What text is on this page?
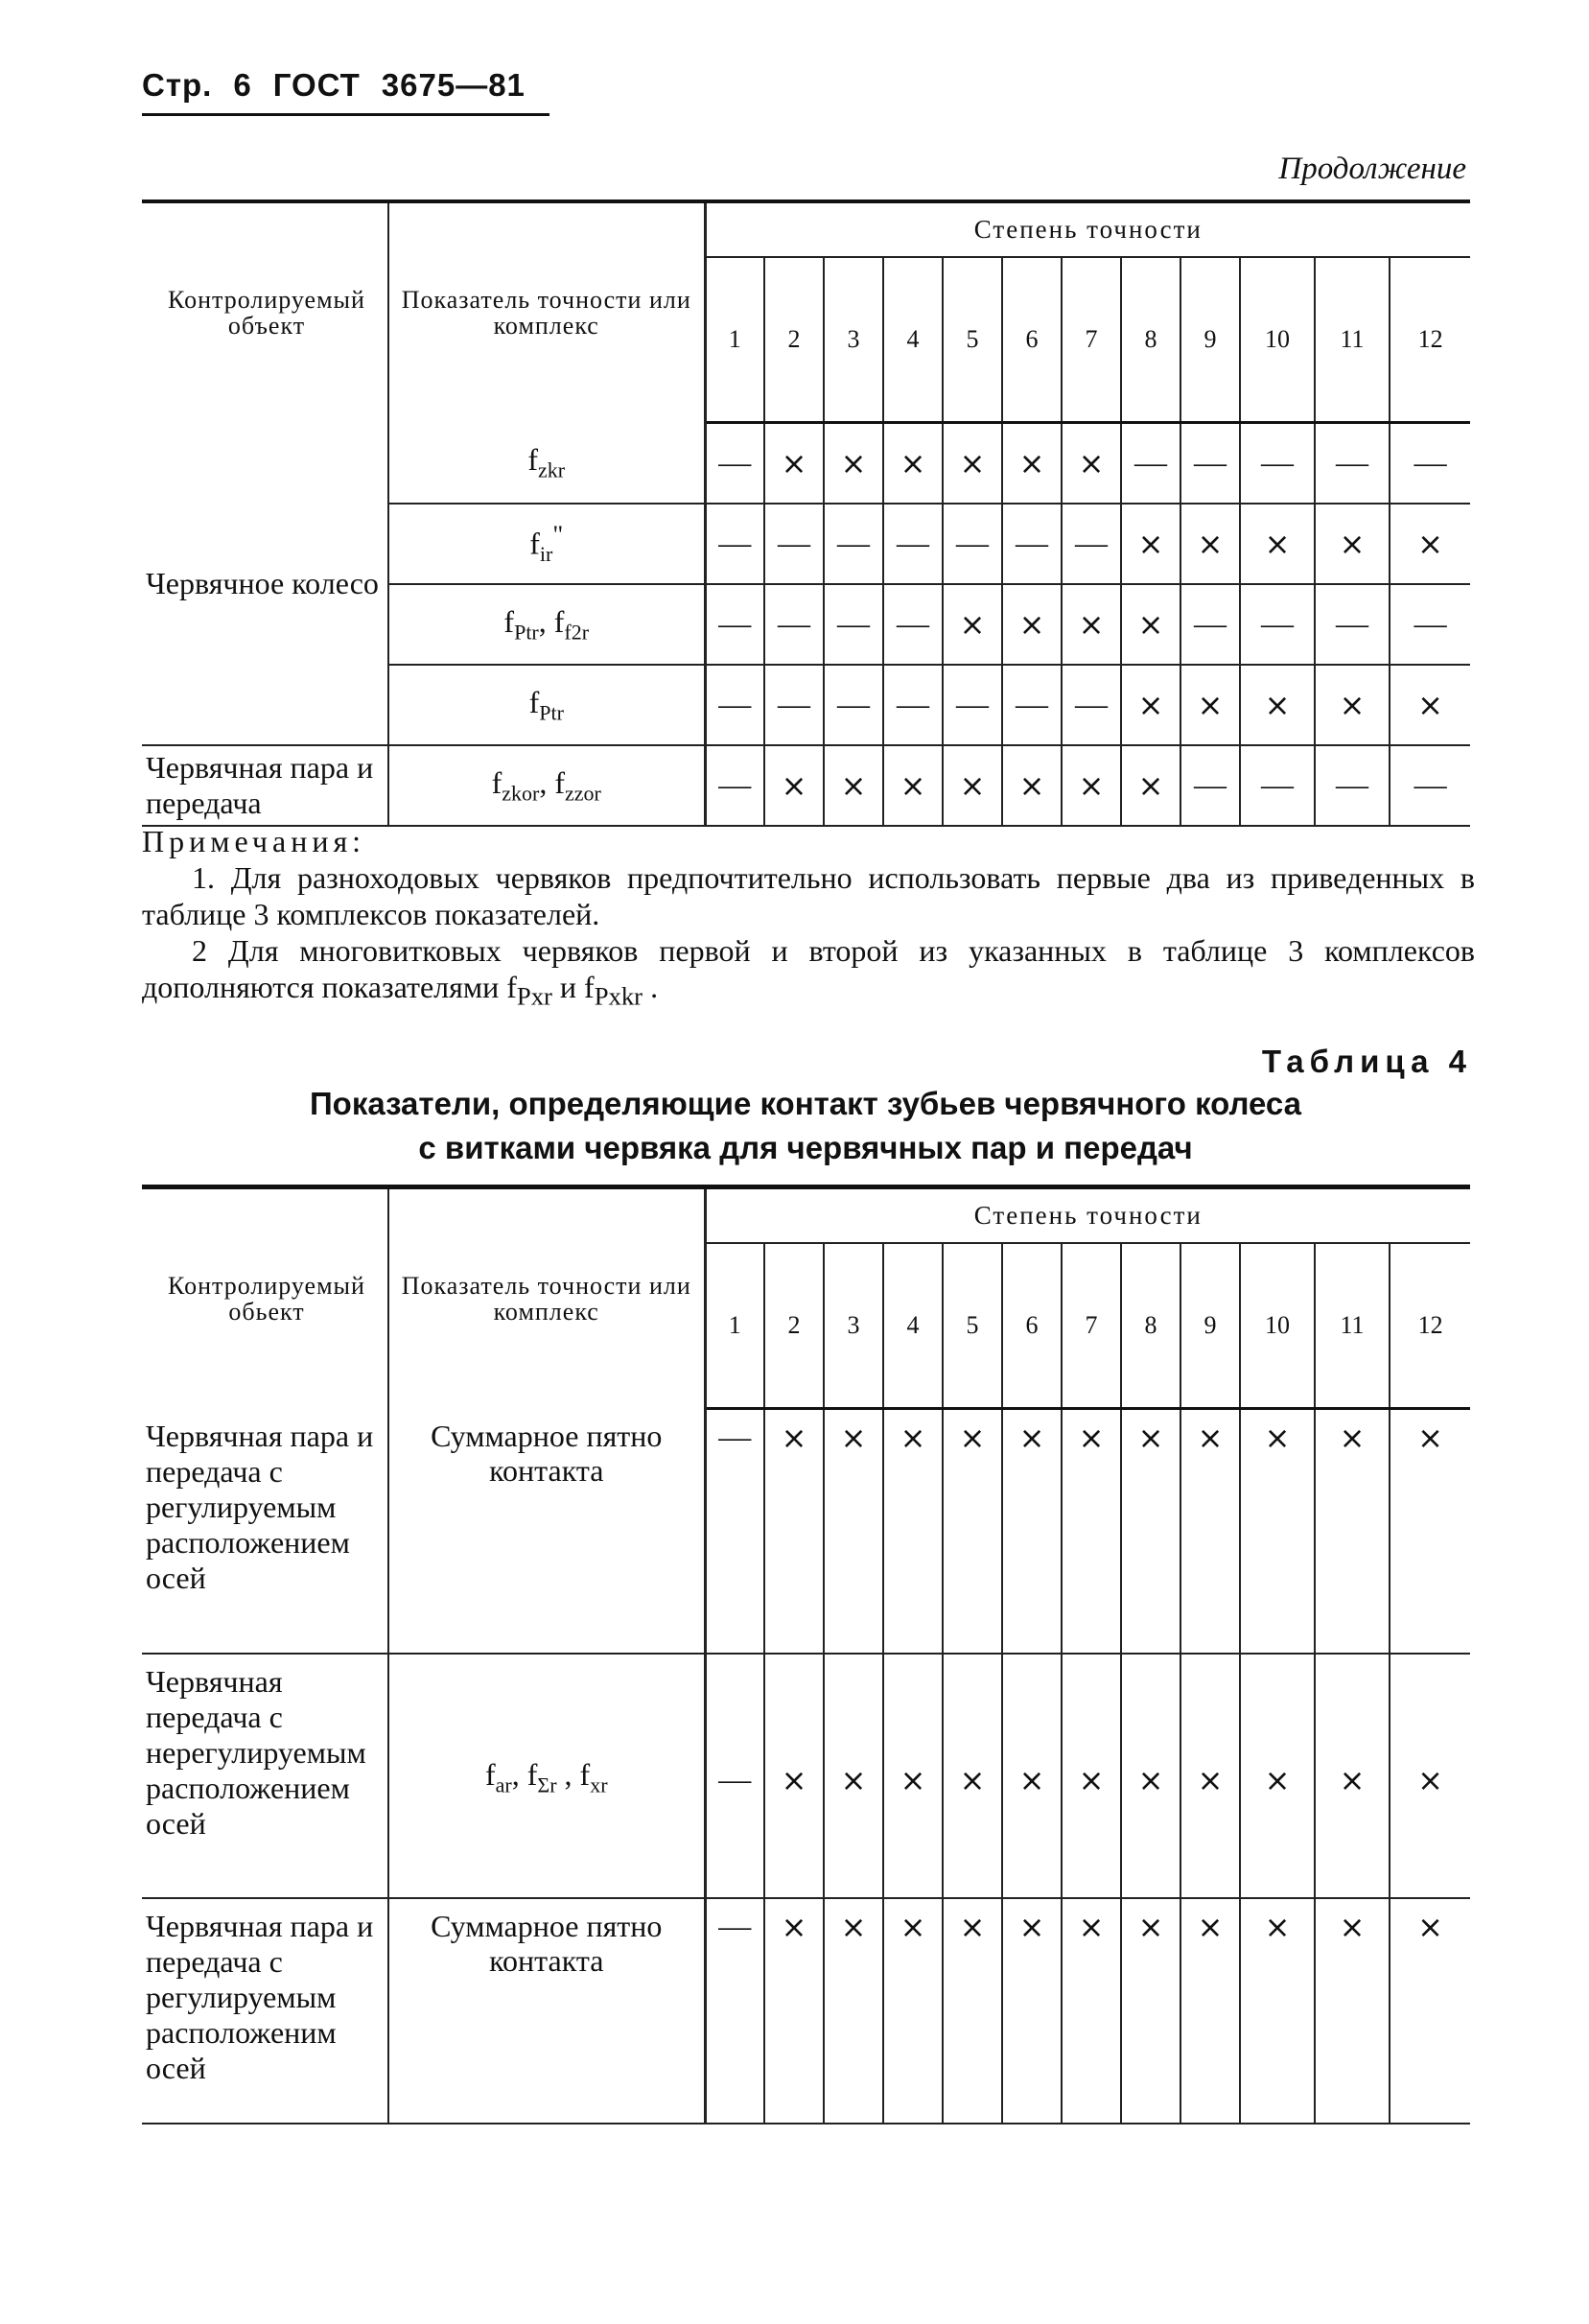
Стр. 6 ГОСТ 3675—81
Продолжение
Контролируемый объект	Показатель точности или комплекс	Степень точности											
		1	2	3	4	5	6	7	8	9	10	11	12
Червячное колесо	$f_{zkr}$	—	×	×	×	×	×	×	—	—	—	—	—
	$f_{ir}^"$	—	—	—	—	—	—	—	×	×	×	×	×
	$f_{Ptr}$, $f_{f2r}$	—	—	—	—	×	×	×	×	—	—	—	—
	$f_{Ptr}$	—	—	—	—	—	—	—	×	×	×	×	×
Червячная пара и передача	$f_{zkor}$, $f_{zzor}$	—	×	×	×	×	×	×	×	—	—	—	—
Примечания:
1. Для разноходовых червяков предпочтительно использовать первые два из приведенных в таблице 3 комплексов показателей.
2 Для многовитковых червяков первой и второй из указанных в таблице 3 комплексов дополняются показателями $f_{Pxr}$ и $f_{Pxkr}$ .
Таблица 4
Показатели, определяющие контакт зубьев червячного колеса
с витками червяка для червячных пар и передач
Контролируемый обьект	Показатель точности или комплекс	Степень точности											
		1	2	3	4	5	6	7	8	9	10	11	12
Червячная пара и передача с регулируемым расположением осей	Суммарное пятно контакта	—	×	×	×	×	×	×	×	×	×	×	×
Червячная передача с нерегулируемым расположением осей	$f_{ar}$, $f_{\Sigma r}$ , $f_{xr}$	—	×	×	×	×	×	×	×	×	×	×	×
Червячная пара и передача с регулируемым расположеним осей	Суммарное пятно контакта	—	×	×	×	×	×	×	×	×	×	×	×
